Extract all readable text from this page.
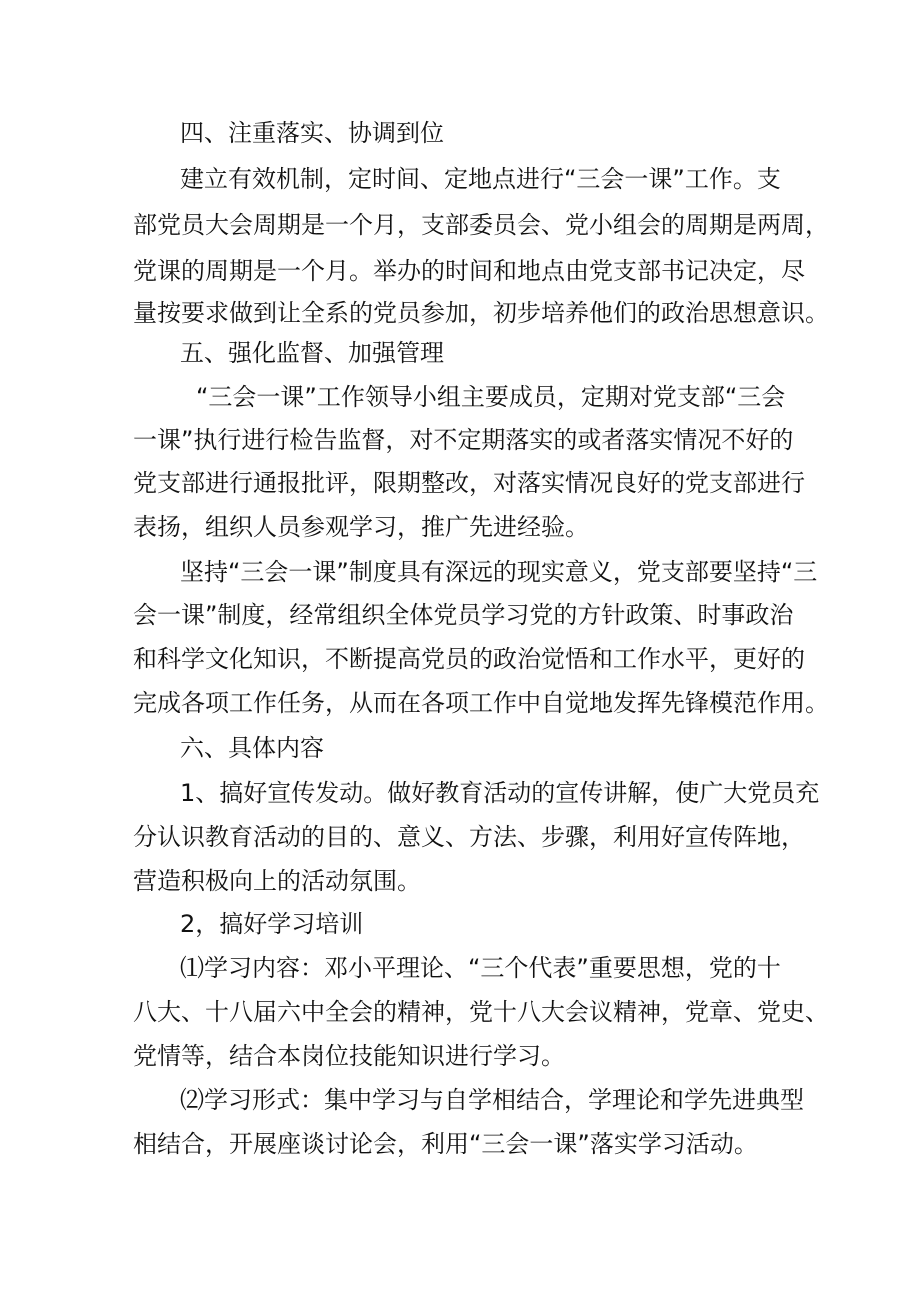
四、注重落实、协调到位
建立有效机制，定时间、定地点进行“三会一课”工作。支
部党员大会周期是一个月，支部委员会、党小组会的周期是两周，
党课的周期是一个月。举办的时间和地点由党支部书记决定，尽
量按要求做到让全系的党员参加，初步培养他们的政治思想意识。
五、强化监督、加强管理
“三会一课”工作领导小组主要成员，定期对党支部“三会
一课”执行进行检告监督，对不定期落实的或者落实情况不好的
党支部进行通报批评，限期整改，对落实情况良好的党支部进行
表扬，组织人员参观学习，推广先进经验。
坚持“三会一课”制度具有深远的现实意义，党支部要坚持“三
会一课”制度，经常组织全体党员学习党的方针政策、时事政治
和科学文化知识，不断提高党员的政治觉悟和工作水平，更好的
完成各项工作任务，从而在各项工作中自觉地发挥先锋模范作用。
六、具体内容
1、搞好宣传发动。做好教育活动的宣传讲解，使广大党员充
分认识教育活动的目的、意义、方法、步骤，利用好宣传阵地，
营造积极向上的活动氛围。
2，搞好学习培训
⑴学习内容：邓小平理论、“三个代表”重要思想，党的十
八大、十八届六中全会的精神，党十八大会议精神，党章、党史、
党情等，结合本岗位技能知识进行学习。
⑵学习形式：集中学习与自学相结合，学理论和学先进典型
相结合，开展座谈讨论会，利用“三会一课”落实学习活动。
